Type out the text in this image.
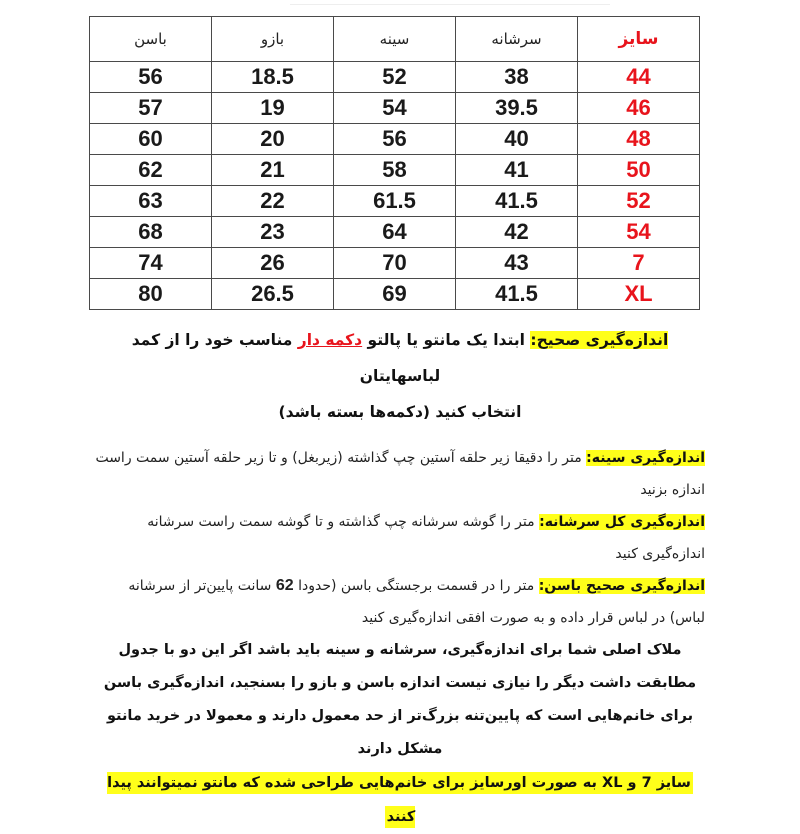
سایز	سرشانه	سینه	بازو	باسن
44	38	52	18.5	56
46	39.5	54	19	57
48	40	56	20	60
50	41	58	21	62
52	41.5	61.5	22	63
54	42	64	23	68
7	43	70	26	74
XL	41.5	69	26.5	80

اندازه‌گیری صحیح: ابتدا یک مانتو یا پالتو دکمه دار مناسب خود را از کمد لباسهایتان
انتخاب کنید (دکمه‌ها بسته باشد)

اندازه‌گیری سینه: متر را دقیقا زیر حلقه آستین چپ گذاشته (زیربغل) و تا زیر حلقه آستین سمت راست اندازه بزنید

اندازه‌گیری کل سرشانه: متر را گوشه سرشانه چپ گذاشته و تا گوشه سمت راست سرشانه اندازه‌گیری کنید

اندازه‌گیری صحیح باسن: متر را در قسمت برجستگی باسن (حدودا 62 سانت پایین‌تر از سرشانه لباس) در لباس قرار داده و به صورت افقی اندازه‌گیری کنید

ملاک اصلی شما برای اندازه‌گیری، سرشانه و سینه باید باشد اگر این دو با جدول مطابقت داشت دیگر را نیازی نیست اندازه باسن و بازو را بسنجید، اندازه‌گیری باسن برای خانم‌هایی است که پایین‌تنه بزرگ‌تر از حد معمول دارند و معمولا در خرید مانتو مشکل دارند

سایز 7 و XL به صورت اورسایز برای خانم‌هایی طراحی شده که مانتو نمیتوانند پیدا کنند
